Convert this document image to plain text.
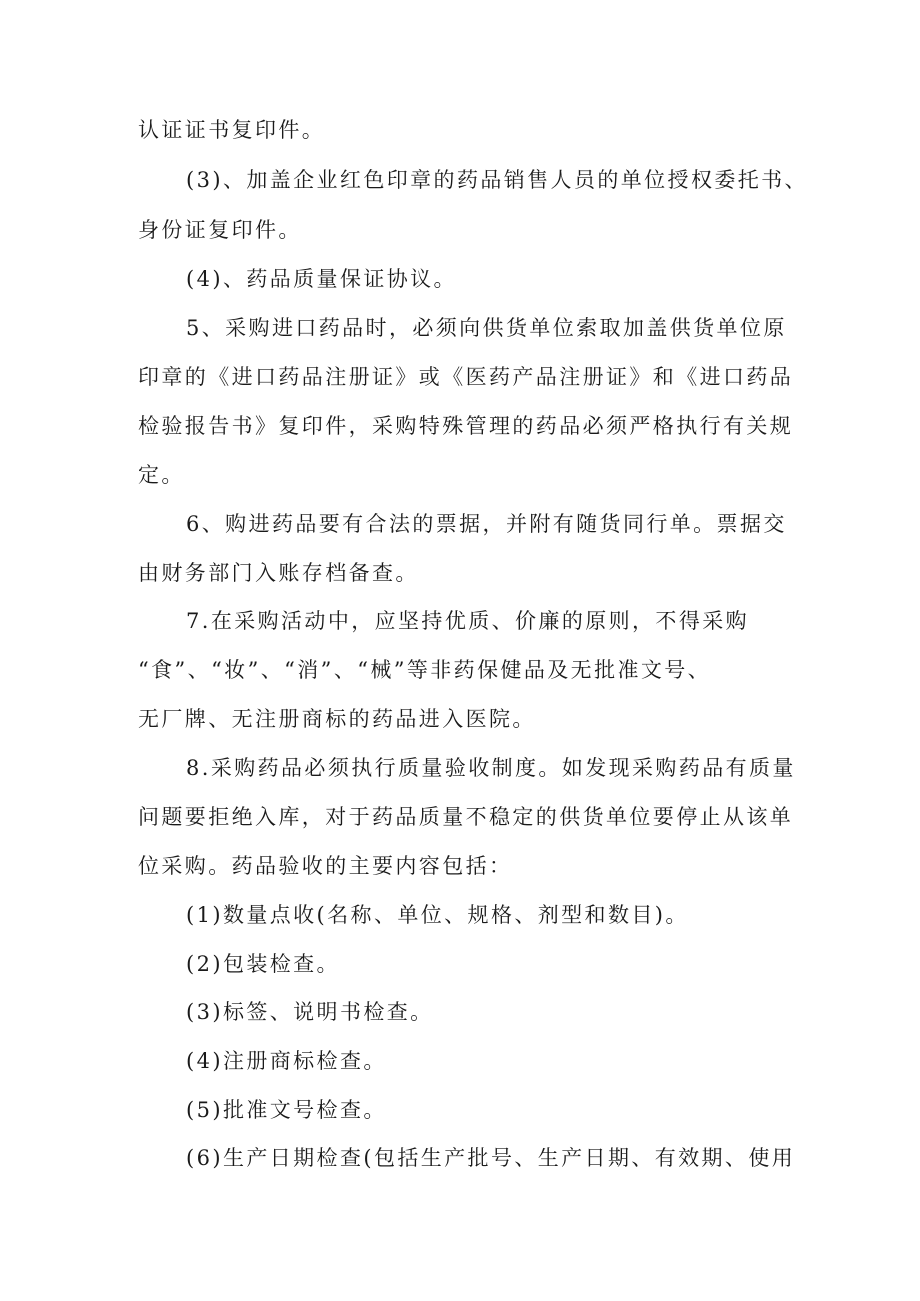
认证证书复印件。
(3)、加盖企业红色印章的药品销售人员的单位授权委托书、
身份证复印件。
(4)、药品质量保证协议。
5、采购进口药品时，必须向供货单位索取加盖供货单位原
印章的《进口药品注册证》或《医药产品注册证》和《进口药品
检验报告书》复印件，采购特殊管理的药品必须严格执行有关规
定。
6、购进药品要有合法的票据，并附有随货同行单。票据交
由财务部门入账存档备查。
7.在采购活动中，应坚持优质、价廉的原则，不得采购
“食”、“妆”、“消”、“械”等非药保健品及无批准文号、
无厂牌、无注册商标的药品进入医院。
8.采购药品必须执行质量验收制度。如发现采购药品有质量
问题要拒绝入库，对于药品质量不稳定的供货单位要停止从该单
位采购。药品验收的主要内容包括：
(1)数量点收(名称、单位、规格、剂型和数目)。
(2)包装检查。
(3)标签、说明书检查。
(4)注册商标检查。
(5)批准文号检查。
(6)生产日期检查(包括生产批号、生产日期、有效期、使用
